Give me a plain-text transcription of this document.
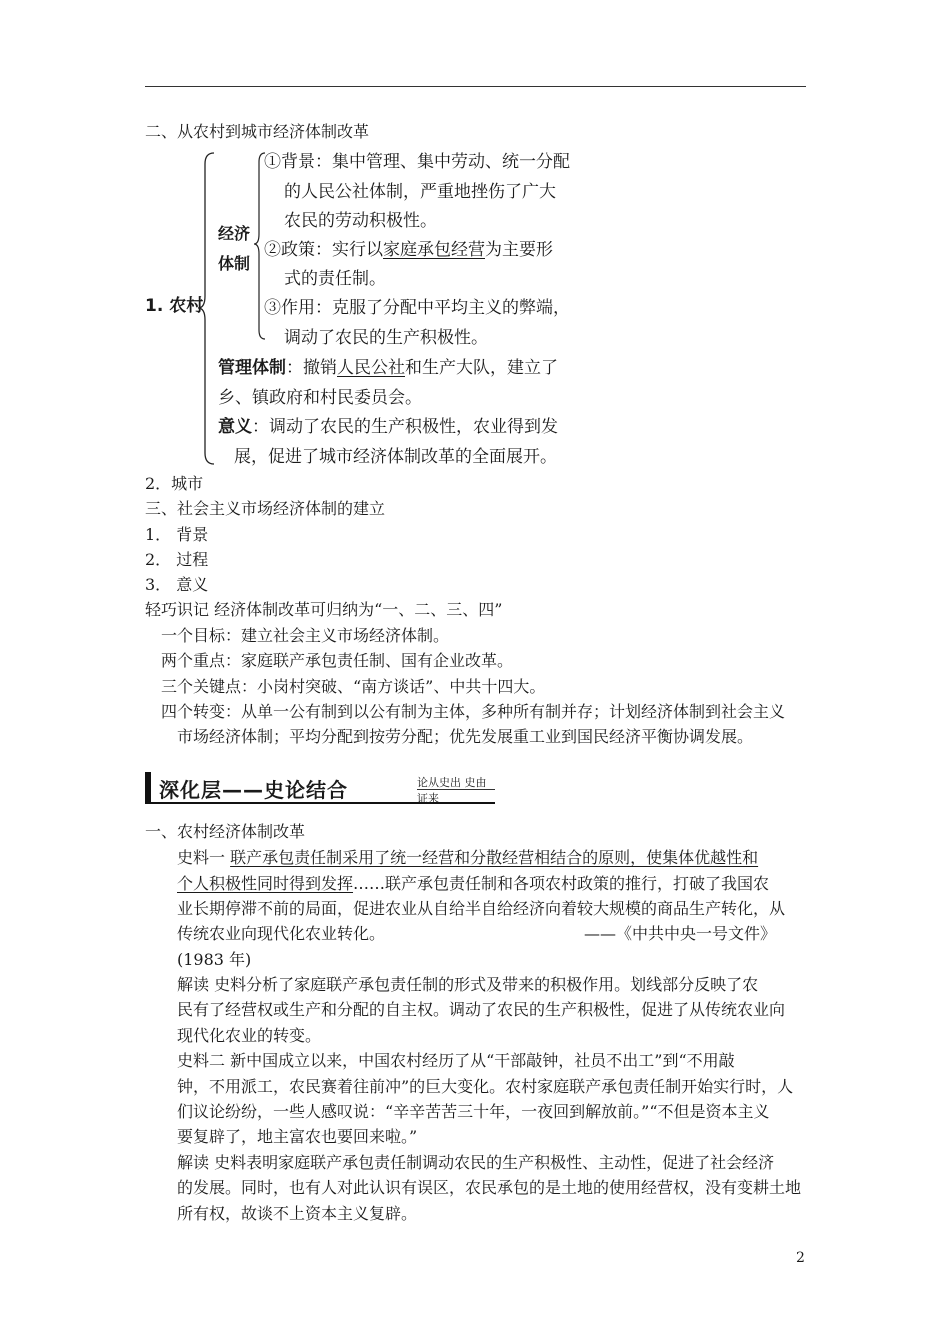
二、从农村到城市经济体制改革
1. 农村
经济
体制
①背景：集中管理、集中劳动、统一分配
的人民公社体制，严重地挫伤了广大
农民的劳动积极性。
②政策：实行以家庭承包经营为主要形
式的责任制。
③作用：克服了分配中平均主义的弊端，
调动了农民的生产积极性。
管理体制：撤销人民公社和生产大队，建立了
乡、镇政府和村民委员会。
意义：调动了农民的生产积极性，农业得到发
展，促进了城市经济体制改革的全面展开。
2．城市
三、社会主义市场经济体制的建立
1． 背景
2． 过程
3． 意义
轻巧识记 经济体制改革可归纳为“一、二、三、四”
一个目标：建立社会主义市场经济体制。
两个重点：家庭联产承包责任制、国有企业改革。
三个关键点：小岗村突破、“南方谈话”、中共十四大。
四个转变：从单一公有制到以公有制为主体，多种所有制并存；计划经济体制到社会主义
市场经济体制；平均分配到按劳分配；优先发展重工业到国民经济平衡协调发展。
深化层——史论结合	论从史出 史由证来
一、农村经济体制改革
史料一 联产承包责任制采用了统一经营和分散经营相结合的原则，使集体优越性和
个人积极性同时得到发挥……联产承包责任制和各项农村政策的推行，打破了我国农
业长期停滞不前的局面，促进农业从自给半自给经济向着较大规模的商品生产转化，从
传统农业向现代化农业转化。	——《中共中央一号文件》
(1983 年)
解读 史料分析了家庭联产承包责任制的形式及带来的积极作用。划线部分反映了农
民有了经营权或生产和分配的自主权。调动了农民的生产积极性，促进了从传统农业向
现代化农业的转变。
史料二 新中国成立以来，中国农村经历了从“干部敲钟，社员不出工”到“不用敲
钟，不用派工，农民赛着往前冲”的巨大变化。农村家庭联产承包责任制开始实行时，人
们议论纷纷，一些人感叹说：“辛辛苦苦三十年，一夜回到解放前。”“不但是资本主义
要复辟了，地主富农也要回来啦。”
解读 史料表明家庭联产承包责任制调动农民的生产积极性、主动性，促进了社会经济
的发展。同时，也有人对此认识有误区，农民承包的是土地的使用经营权，没有变耕土地
所有权，故谈不上资本主义复辟。
2
